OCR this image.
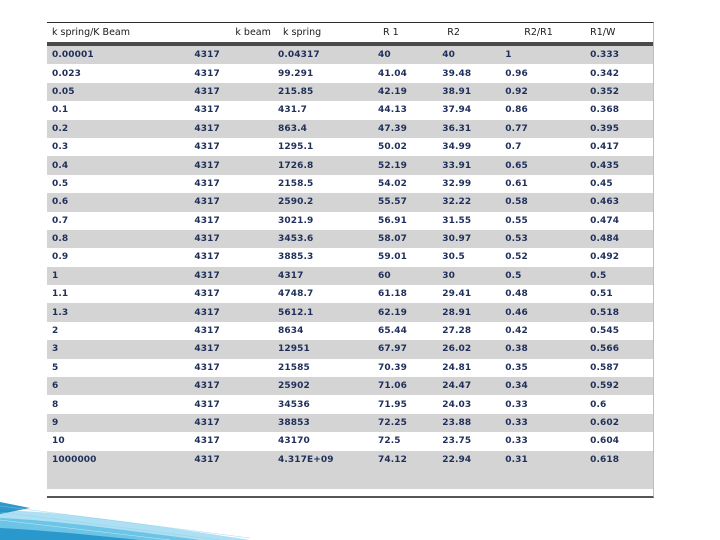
k spring/K Beam	k beam	k spring	R 1	R2	R2/R1	R1/W
0.00001	4317	0.04317	40	40	1	0.333
0.023	4317	99.291	41.04	39.48	0.96	0.342
0.05	4317	215.85	42.19	38.91	0.92	0.352
0.1	4317	431.7	44.13	37.94	0.86	0.368
0.2	4317	863.4	47.39	36.31	0.77	0.395
0.3	4317	1295.1	50.02	34.99	0.7	0.417
0.4	4317	1726.8	52.19	33.91	0.65	0.435
0.5	4317	2158.5	54.02	32.99	0.61	0.45
0.6	4317	2590.2	55.57	32.22	0.58	0.463
0.7	4317	3021.9	56.91	31.55	0.55	0.474
0.8	4317	3453.6	58.07	30.97	0.53	0.484
0.9	4317	3885.3	59.01	30.5	0.52	0.492
1	4317	4317	60	30	0.5	0.5
1.1	4317	4748.7	61.18	29.41	0.48	0.51
1.3	4317	5612.1	62.19	28.91	0.46	0.518
2	4317	8634	65.44	27.28	0.42	0.545
3	4317	12951	67.97	26.02	0.38	0.566
5	4317	21585	70.39	24.81	0.35	0.587
6	4317	25902	71.06	24.47	0.34	0.592
8	4317	34536	71.95	24.03	0.33	0.6
9	4317	38853	72.25	23.88	0.33	0.602
10	4317	43170	72.5	23.75	0.33	0.604
1000000	4317	4.317E+09	74.12	22.94	0.31	0.618
